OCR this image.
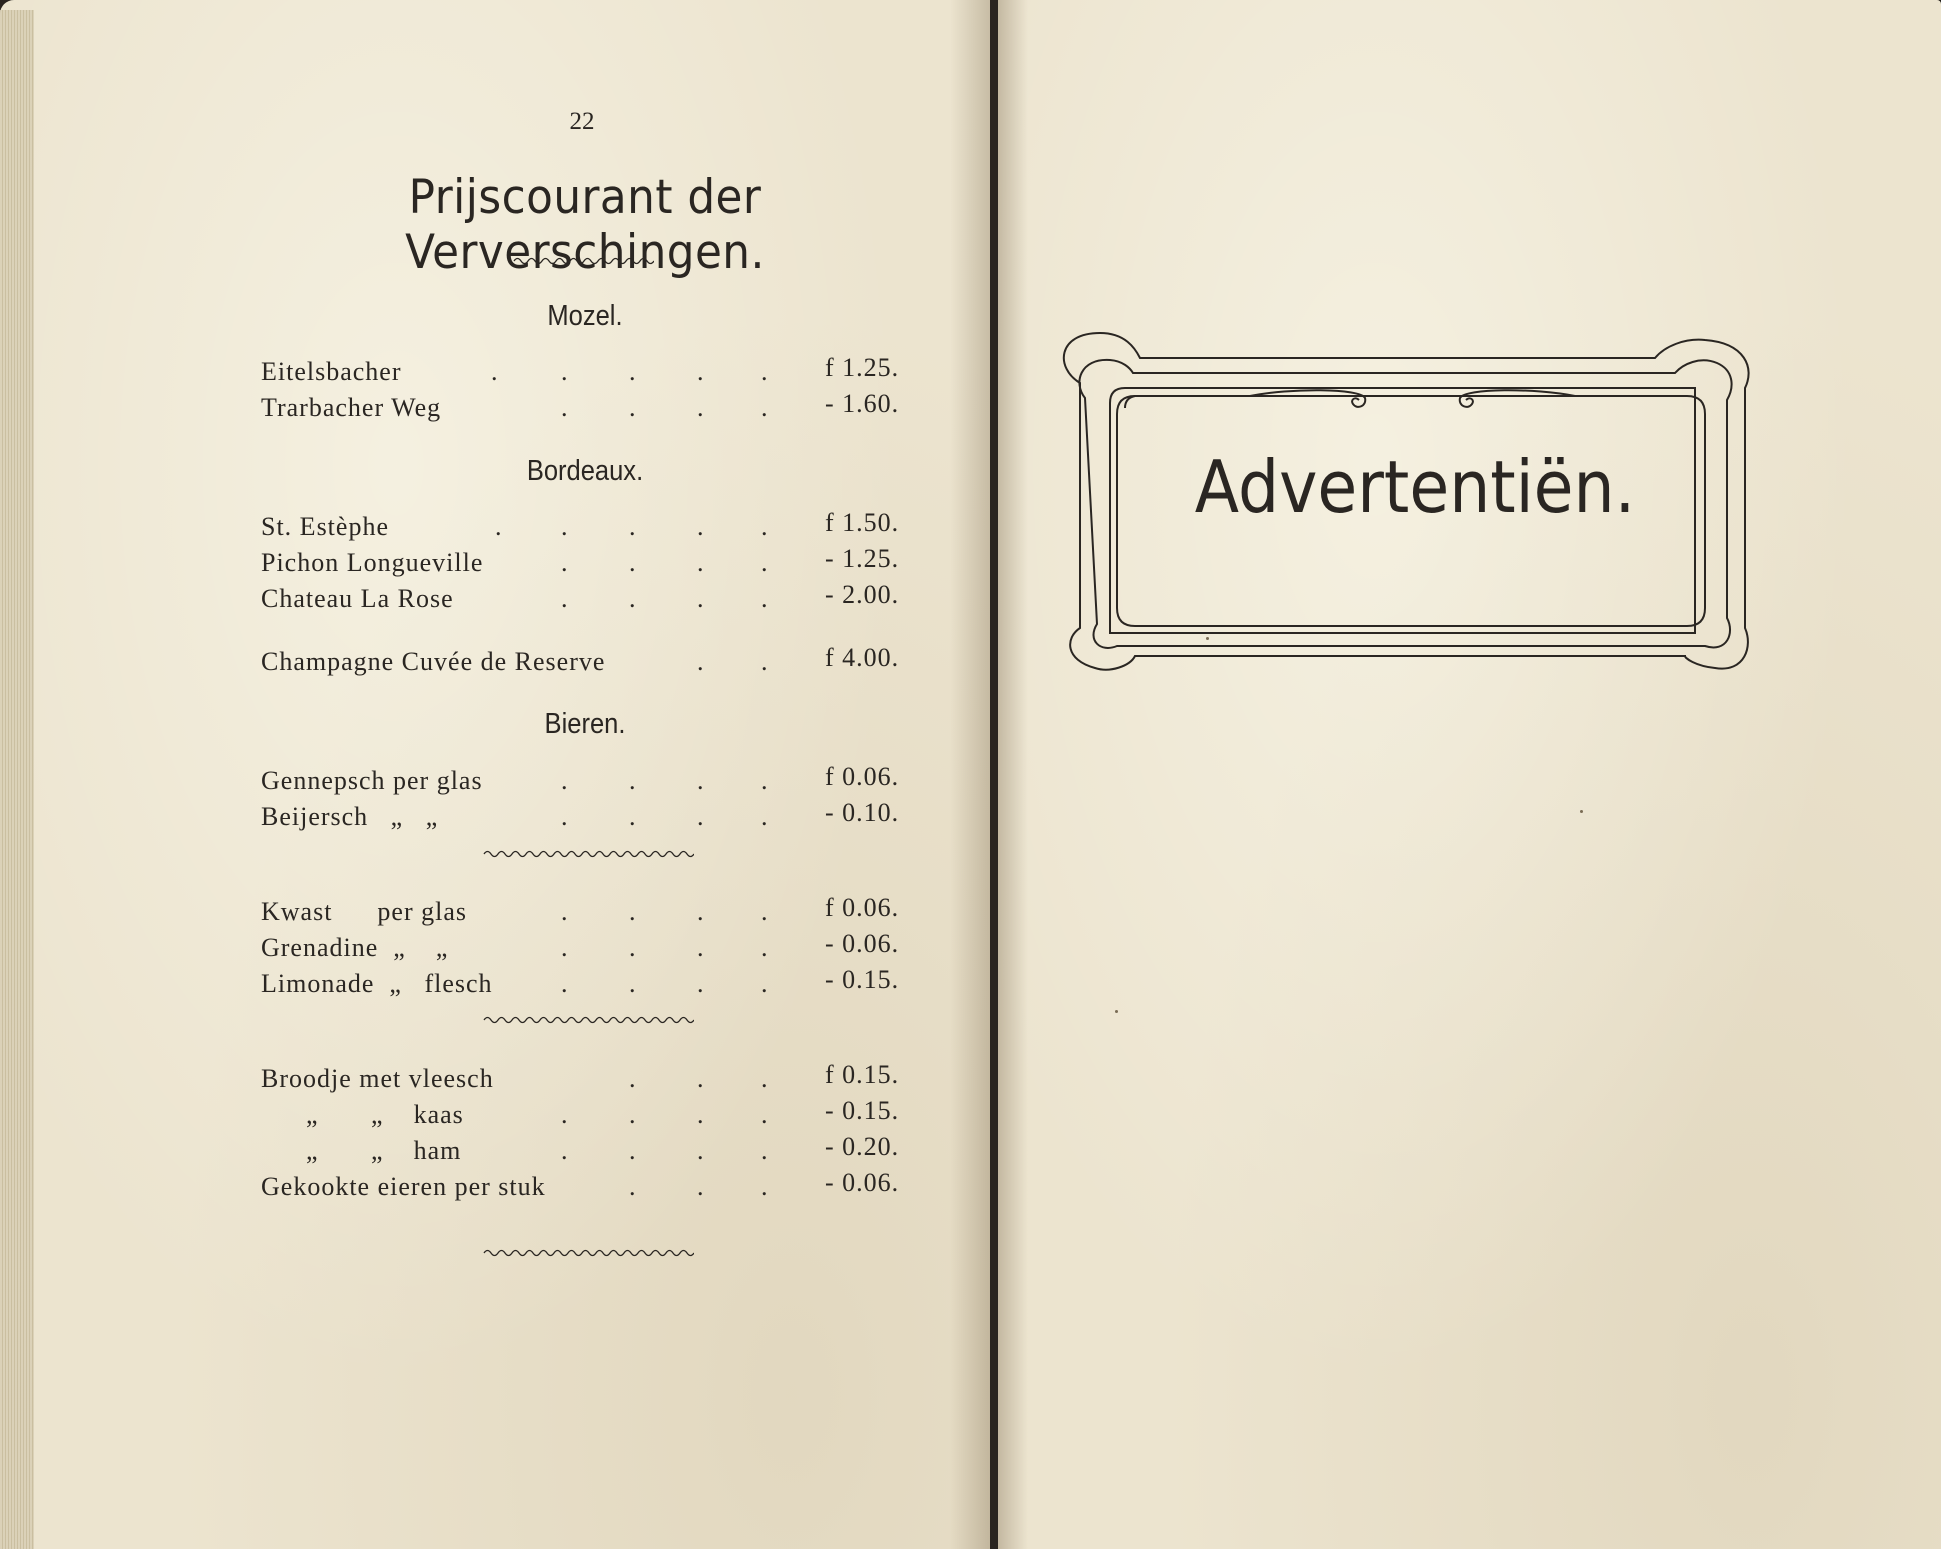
22
Prijscourant der Ververschingen.
Mozel.
Eitelsbacher	. . . . . f 1.25.
Trarbacher Weg	. . . . - 1.60.
Bordeaux.
St. Estèphe	. . . . . f 1.50.
Pichon Longueville	. . . . - 1.25.
Chateau La Rose	. . . . - 2.00.
Champagne Cuvée de Reserve	. . f 4.00.
Bieren.
Gennepsch per glas	. . . . f 0.06.
Beijersch   „   „	. . . . - 0.10.
Kwast      per glas	. . . . f 0.06.
Grenadine  „    „	. . . . - 0.06.
Limonade  „   flesch	. . . . - 0.15.
Broodje met vleesch	. . . f 0.15.
„       „    kaas	. . . . - 0.15.
„       „    ham	. . . . - 0.20.
Gekookte eieren per stuk	. . . - 0.06.
Advertentiën.
